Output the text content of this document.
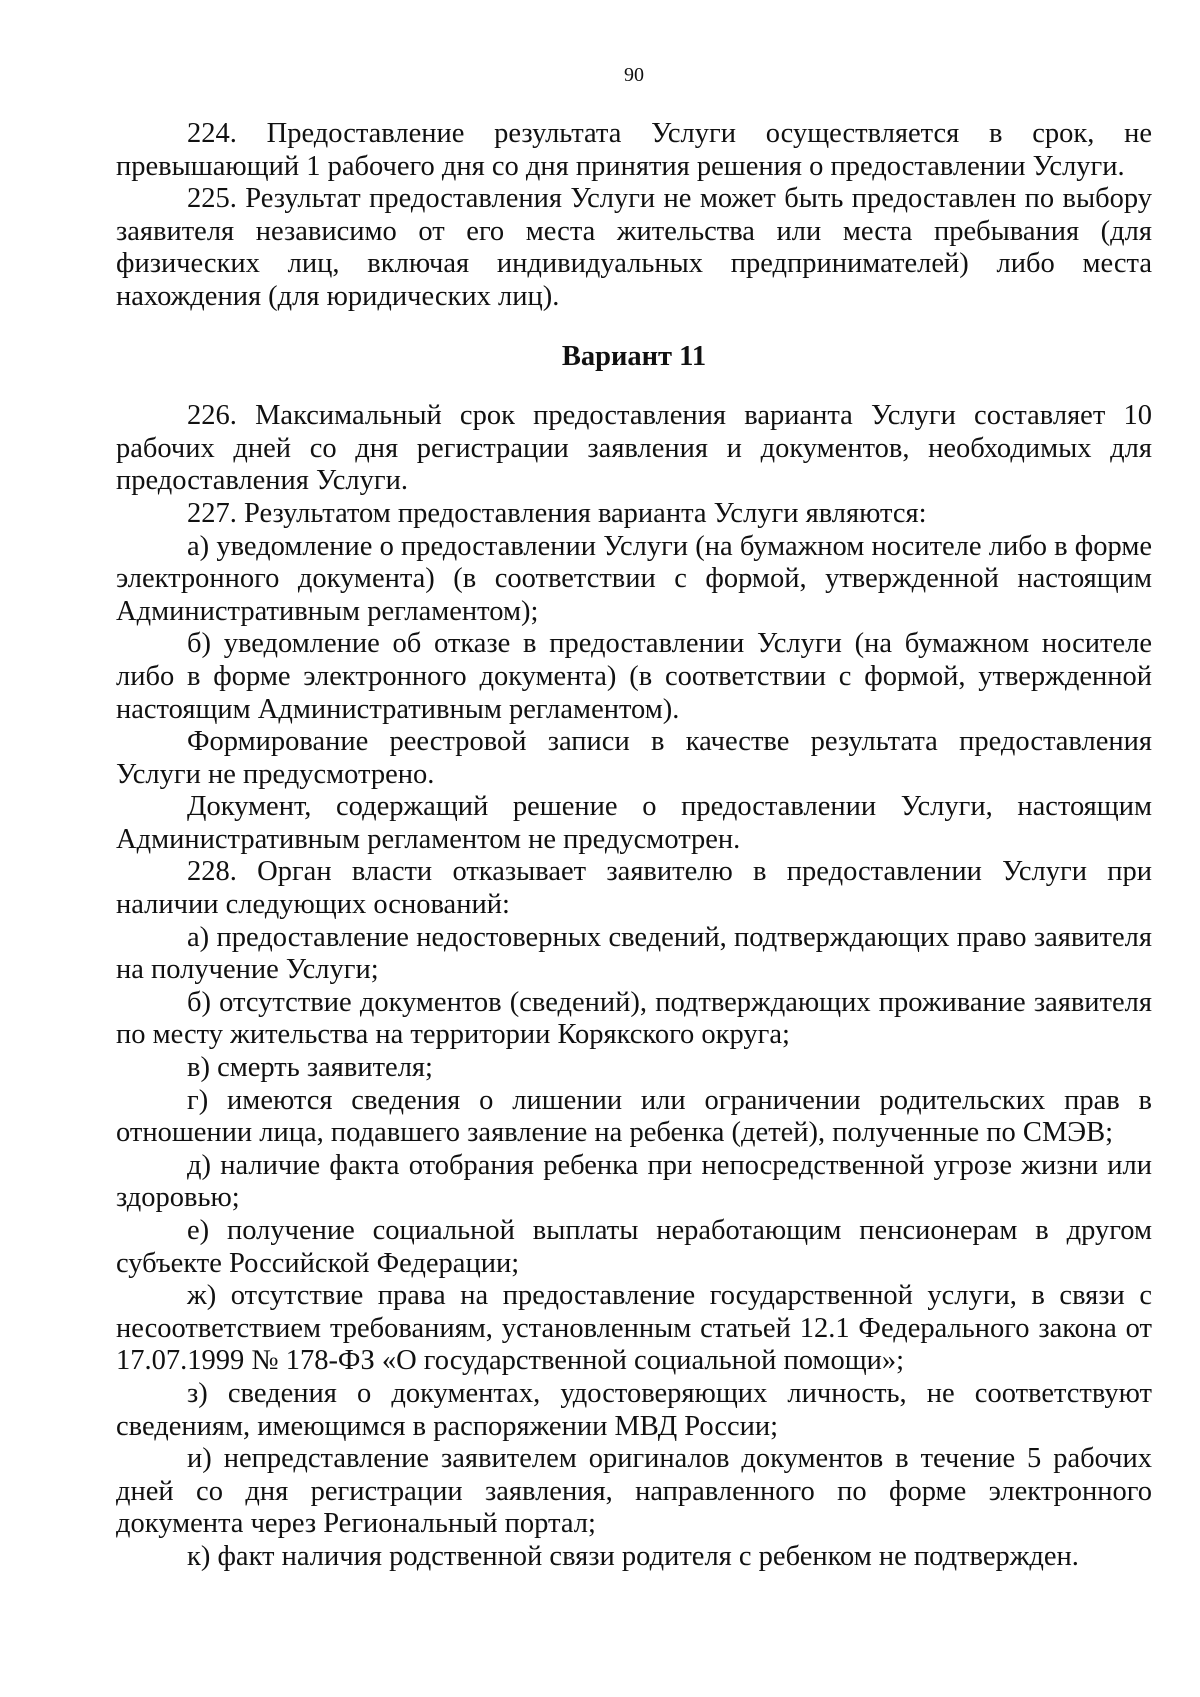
90

224. Предоставление результата Услуги осуществляется в срок, не превышающий 1 рабочего дня со дня принятия решения о предоставлении Услуги.

225. Результат предоставления Услуги не может быть предоставлен по выбору заявителя независимо от его места жительства или места пребывания (для физических лиц, включая индивидуальных предпринимателей) либо места нахождения (для юридических лиц).

Вариант 11

226. Максимальный срок предоставления варианта Услуги составляет 10 рабочих дней со дня регистрации заявления и документов, необходимых для предоставления Услуги.

227. Результатом предоставления варианта Услуги являются:

а) уведомление о предоставлении Услуги (на бумажном носителе либо в форме электронного документа) (в соответствии с формой, утвержденной настоящим Административным регламентом);

б) уведомление об отказе в предоставлении Услуги (на бумажном носителе либо в форме электронного документа) (в соответствии с формой, утвержденной настоящим Административным регламентом).

Формирование реестровой записи в качестве результата предоставления Услуги не предусмотрено.

Документ, содержащий решение о предоставлении Услуги, настоящим Административным регламентом не предусмотрен.

228. Орган власти отказывает заявителю в предоставлении Услуги при наличии следующих оснований:

а) предоставление недостоверных сведений, подтверждающих право заявителя на получение Услуги;

б) отсутствие документов (сведений), подтверждающих проживание заявителя по месту жительства на территории Корякского округа;

в) смерть заявителя;

г) имеются сведения о лишении или ограничении родительских прав в отношении лица, подавшего заявление на ребенка (детей), полученные по СМЭВ;

д) наличие факта отобрания ребенка при непосредственной угрозе жизни или здоровью;

е) получение социальной выплаты неработающим пенсионерам в другом субъекте Российской Федерации;

ж) отсутствие права на предоставление государственной услуги, в связи с несоответствием требованиям, установленным статьей 12.1 Федерального закона от 17.07.1999 № 178-ФЗ «О государственной социальной помощи»;

з) сведения о документах, удостоверяющих личность, не соответствуют сведениям, имеющимся в распоряжении МВД России;

и) непредставление заявителем оригиналов документов в течение 5 рабочих дней со дня регистрации заявления, направленного по форме электронного документа через Региональный портал;

к) факт наличия родственной связи родителя с ребенком не подтвержден.
